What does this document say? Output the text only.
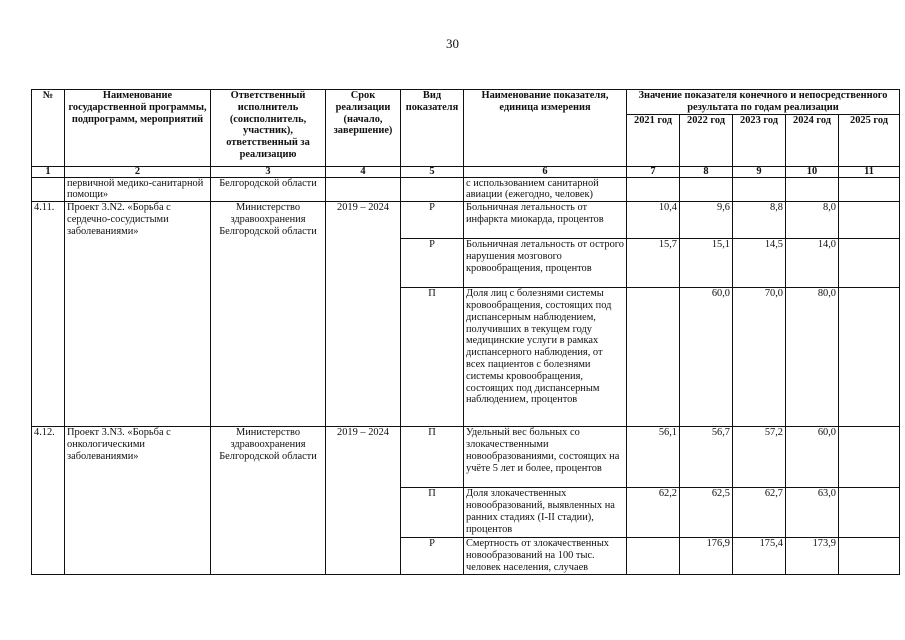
30
№	Наименование государственной программы, подпрограмм, мероприятий	Ответственный исполнитель (соисполнитель, участник), ответственный за реализацию	Срок реализации (начало, завершение)	Вид показателя	Наименование показателя, единица измерения	Значение показателя конечного и непосредственного результата по годам реализации				
						2021 год	2022 год	2023 год	2024 год	2025 год
1	2	3	4	5	6	7	8	9	10	11
	первичной медико-санитарной помощи»	Белгородской области			с использованием санитарной авиации (ежегодно, человек)					
4.11.	Проект 3.N2. «Борьба с сердечно-сосудистыми заболеваниями»	Министерство здравоохранения Белгородской области	2019 – 2024	Р	Больничная летальность от инфаркта миокарда, процентов	10,4	9,6	8,8	8,0	
				Р	Больничная летальность от острого нарушения мозгового кровообращения, процентов	15,7	15,1	14,5	14,0	
				П	Доля лиц с болезнями системы кровообращения, состоящих под диспансерным наблюдением, получивших в текущем году медицинские услуги в рамках диспансерного наблюдения, от всех пациентов с болезнями системы кровообращения, состоящих под диспансерным наблюдением, процентов		60,0	70,0	80,0	
4.12.	Проект 3.N3. «Борьба с онкологическими заболеваниями»	Министерство здравоохранения Белгородской области	2019 – 2024	П	Удельный вес больных со злокачественными новообразованиями, состоящих на учёте 5 лет и более, процентов	56,1	56,7	57,2	60,0	
				П	Доля злокачественных новообразований, выявленных на ранних стадиях (I-II стадии), процентов	62,2	62,5	62,7	63,0	
				Р	Смертность от злокачественных новообразований на 100 тыс. человек населения, случаев		176,9	175,4	173,9	
